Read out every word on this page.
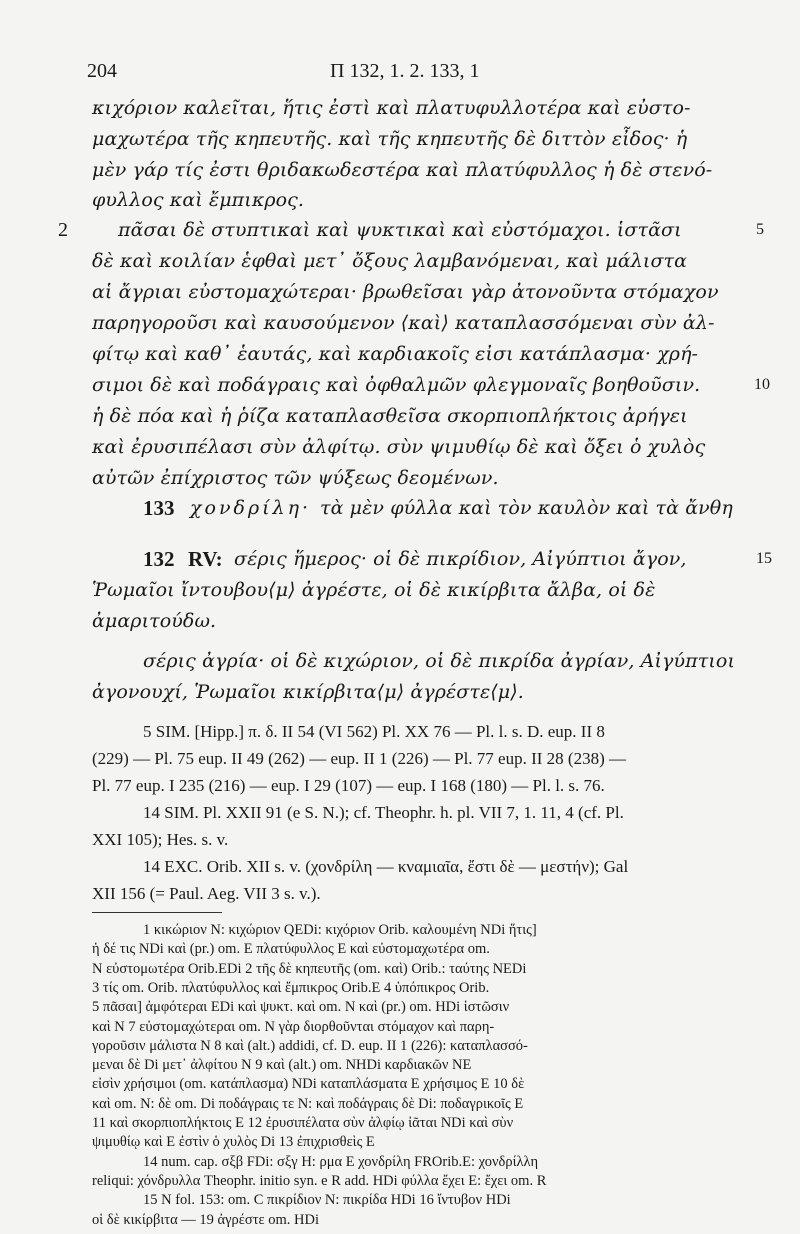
204	Π 132, 1. 2. 133, 1
κιχόριον καλεῖται, ἥτις ἐστὶ καὶ πλατυφυλλοτέρα καὶ εὐστο-
μαχωτέρα τῆς κηπευτῆς. καὶ τῆς κηπευτῆς δὲ διττὸν εἶδος· ἡ
μὲν γάρ τίς ἐστι θριδακωδεστέρα καὶ πλατύφυλλος ἡ δὲ στενό-
φυλλος καὶ ἔμπικρος.
2	πᾶσαι δὲ στυπτικαὶ καὶ ψυκτικαὶ καὶ εὐστόμαχοι. ἱστᾶσι	5
δὲ καὶ κοιλίαν ἑφθαὶ μετ᾽ ὄξους λαμβανόμεναι, καὶ μάλιστα
αἱ ἄγριαι εὐστομαχώτεραι· βρωθεῖσαι γὰρ ἀτονοῦντα στόμαχον
παρηγοροῦσι καὶ καυσούμενον ⟨καὶ⟩ καταπλασσόμεναι σὺν ἀλ-
φίτῳ καὶ καθ᾽ ἑαυτάς, καὶ καρδιακοῖς εἰσι κατάπλασμα· χρή-
σιμοι δὲ καὶ ποδάγραις καὶ ὀφθαλμῶν φλεγμοναῖς βοηθοῦσιν.	10
ἡ δὲ πόα καὶ ἡ ῥίζα καταπλασθεῖσα σκορπιοπλήκτοις ἀρήγει
καὶ ἐρυσιπέλασι σὺν ἀλφίτῳ. σὺν ψιμυθίῳ δὲ καὶ ὄξει ὁ χυλὸς
αὐτῶν ἐπίχριστος τῶν ψύξεως δεομένων.
133 χονδρίλη· τὰ μὲν φύλλα καὶ τὸν καυλὸν καὶ τὰ ἄνθη
132 RV: σέρις ἥμερος· οἱ δὲ πικρίδιον, Αἰγύπτιοι ἄγον,	15
Ῥωμαῖοι ἴντουβου⟨μ⟩ ἀγρέστε, οἱ δὲ κικίρβιτα ἄλβα, οἱ δὲ
ἀμαριτούδω.
σέρις ἀγρία· οἱ δὲ κιχώριον, οἱ δὲ πικρίδα ἀγρίαν, Αἰγύπτιοι
ἀγονουχί, Ῥωμαῖοι κικίρβιτα⟨μ⟩ ἀγρέστε⟨μ⟩.
5 SIM. [Hipp.] π. δ. II 54 (VI 562) Pl. XX 76 — Pl. l. s. D. eup. II 8
(229) — Pl. 75 eup. II 49 (262) — eup. II 1 (226) — Pl. 77 eup. II 28 (238) —
Pl. 77 eup. I 235 (216) — eup. I 29 (107) — eup. I 168 (180) — Pl. l. s. 76.
14 SIM. Pl. XXII 91 (e S. N.); cf. Theophr. h. pl. VII 7, 1. 11, 4 (cf. Pl.
XXI 105); Hes. s. v.
14 EXC. Orib. XII s. v. (χονδρίλη — κναμιαῖα, ἔστι δὲ — μεστήν); Gal
XII 156 (= Paul. Aeg. VII 3 s. v.).
1 κικώριον N: κιχώριον QEDi: κιχόριον Orib. καλουμένη NDi ἥτις]
ἡ δέ τις NDi καὶ (pr.) om. E πλατύφυλλος E καὶ εὐστομαχωτέρα om.
N εὐστομωτέρα Orib.EDi 2 τῆς δὲ κηπευτῆς (om. καὶ) Orib.: ταύτης NEDi
3 τίς om. Orib. πλατύφυλλος καὶ ἔμπικρος Orib.E 4 ὑπόπικρος Orib.
5 πᾶσαι] ἀμφότεραι EDi καὶ ψυκτ. καὶ om. N καὶ (pr.) om. HDi ἱστῶσιν
καὶ N 7 εὐστομαχώτεραι om. N γὰρ διορθοῦνται στόμαχον καὶ παρη-
γοροῦσιν μάλιστα N 8 καὶ (alt.) addidi, cf. D. eup. II 1 (226): καταπλασσό-
μεναι δὲ Di μετ᾽ ἀλφίτου N 9 καὶ (alt.) om. NHDi καρδιακῶν NE
εἰσὶν χρήσιμοι (om. κατάπλασμα) NDi καταπλάσματα E χρήσιμος E 10 δὲ
καὶ om. N: δὲ om. Di ποδάγραις τε N: καὶ ποδάγραις δὲ Di: ποδαγρικοῖς E
11 καὶ σκορπιοπλήκτοις E 12 ἐρυσιπέλατα σὺν ἀλφίῳ ἰᾶται NDi καὶ σὺν
ψιμυθίῳ καὶ E ἐστὶν ὁ χυλὸς Di 13 ἐπιχρισθεὶς E
14 num. cap. σξβ FDi: σξγ H: ρμα E χονδρίλη FROrib.E: χονδρίλλη
reliqui: χόνδρυλλα Theophr. initio syn. e R add. HDi φύλλα ἔχει E: ἔχει om. R
15 N fol. 153: om. C πικρίδιον N: πικρίδα HDi 16 ἴντυβον HDi
οἱ δὲ κικίρβιτα — 19 ἀγρέστε om. HDi
